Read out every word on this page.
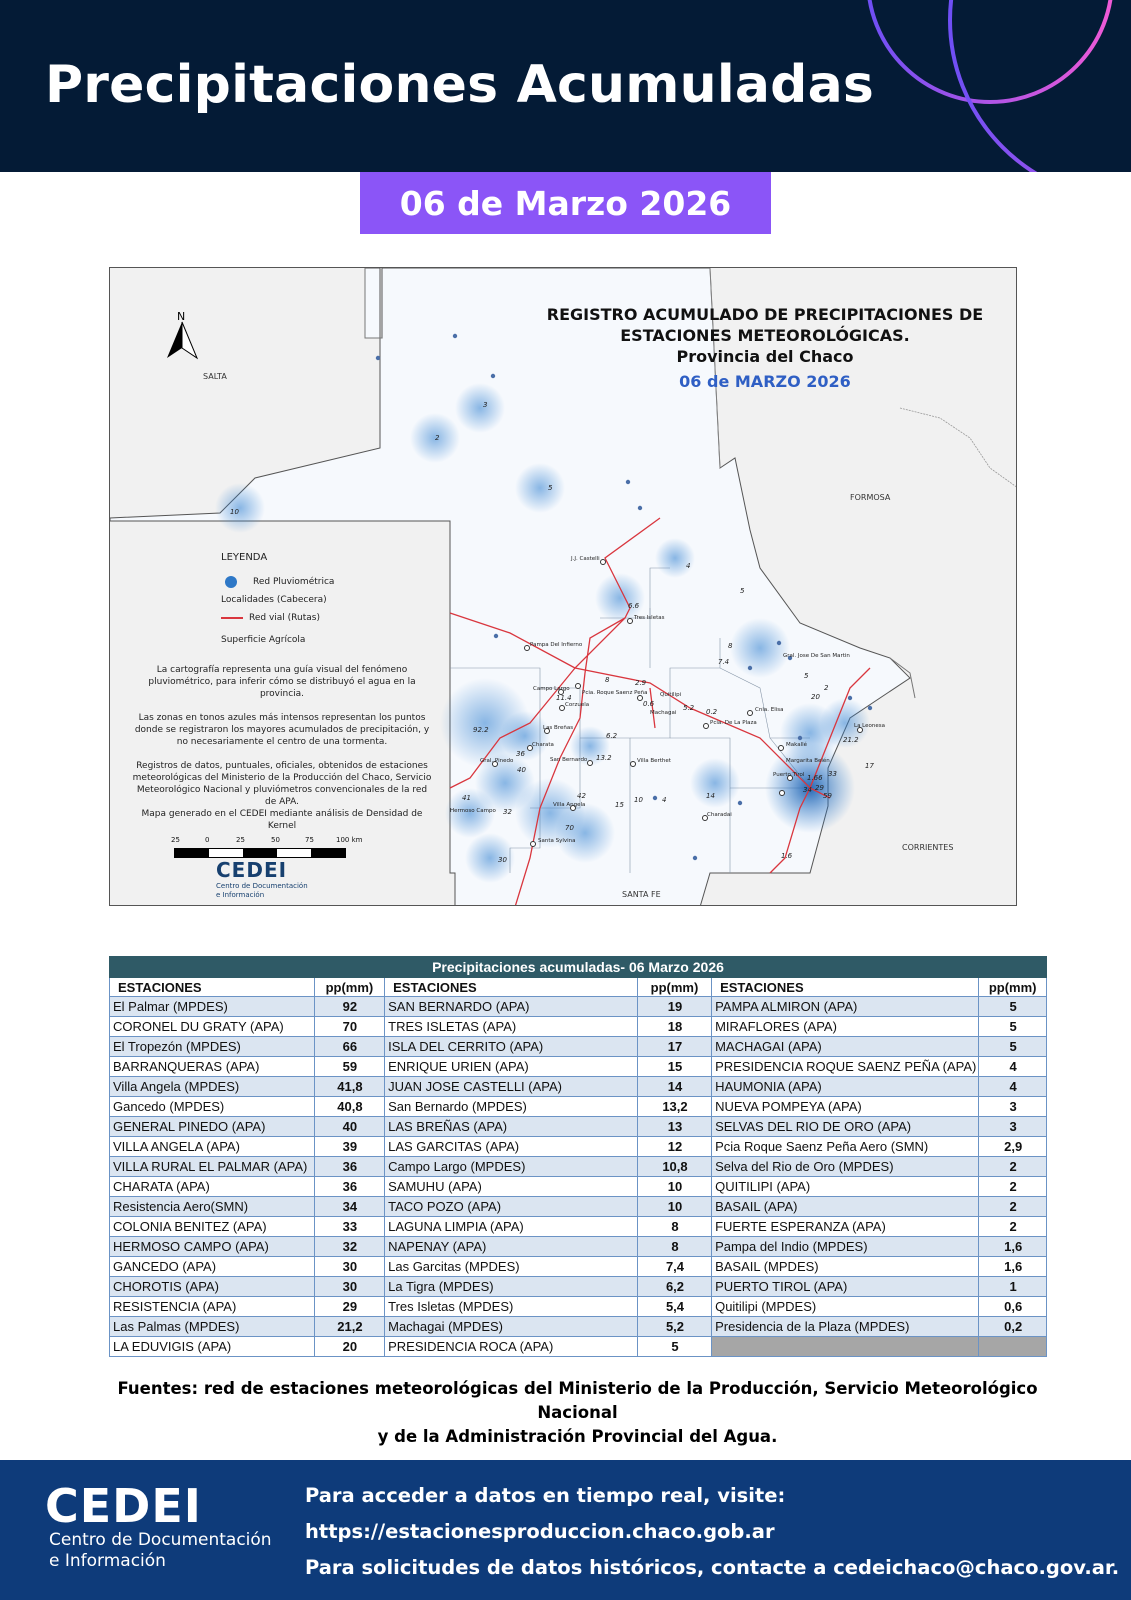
Precipitaciones Acumuladas
06 de Marzo 2026
N	REGISTRO ACUMULADO DE PRECIPITACIONES DE
ESTACIONES METEOROLÓGICAS.
Provincia del Chaco
06 de MARZO 2026
SALTA
FORMOSA
CORRIENTES
SANTA FE
LEYENDA
Red Pluviométrica
Localidades (Cabecera)
Red vial (Rutas)
Superficie Agrícola

La cartografía representa una guía visual del fenómeno pluviométrico, para inferir cómo se distribuyó el agua en la provincia.

Las zonas en tonos azules más intensos representan los puntos donde se registraron los mayores acumulados de precipitación, y no necesariamente el centro de una tormenta.

Registros de datos, puntuales, oficiales, obtenidos de estaciones meteorológicas del Ministerio de la Producción del Chaco, Servicio Meteorológico Nacional y pluviómetros convencionales de la red de APA.

Mapa generado en el CEDEI mediante análisis de Densidad de Kernel

25	0	25	50	75	100 km
CEDEI
Centro de Documentación
e Información
J.J. Castelli
Tres Isletas
Pampa Del Infierno
Campo Largo
Corzuela
Pcia. Roque Saenz Peña Quitilipi
Machagai
Pcia. De La Plaza
Las Breñas
Charata
San Bernardo	Villa Berthet
Gral. Pinedo
Villa Angela
Hermoso Campo
Santa Sylvina
Charadai
Makallé
Margarita Belén
Puerto Tirol
La Leonesa
Cnia. Elisa
Gral. Jose De San Martin
3
2
5
10
4
5
6.6
8
7.4
5
20
2
11.4
8	2.9
0.6	5.2 0.2
21.2
92.2
6.2
36	13.2
40
41
32
42
70
15
10	4	14
30	1.6
17
33
1.66
34 29
59
Precipitaciones acumuladas- 06 Marzo 2026					
ESTACIONES	pp(mm)	ESTACIONES	pp(mm)	ESTACIONES	pp(mm)
El Palmar (MPDES)	92	SAN BERNARDO (APA)	19	PAMPA ALMIRON (APA)	5
CORONEL DU GRATY (APA)	70	TRES ISLETAS (APA)	18	MIRAFLORES (APA)	5
El Tropezón (MPDES)	66	ISLA DEL CERRITO (APA)	17	MACHAGAI (APA)	5
BARRANQUERAS (APA)	59	ENRIQUE URIEN (APA)	15	PRESIDENCIA ROQUE SAENZ PEÑA (APA)	4
Villa Angela (MPDES)	41,8	JUAN JOSE CASTELLI (APA)	14	HAUMONIA (APA)	4
Gancedo (MPDES)	40,8	San Bernardo (MPDES)	13,2	NUEVA POMPEYA (APA)	3
GENERAL PINEDO (APA)	40	LAS BREÑAS (APA)	13	SELVAS DEL RIO DE ORO (APA)	3
VILLA ANGELA (APA)	39	LAS GARCITAS (APA)	12	Pcia Roque Saenz Peña Aero (SMN)	2,9
VILLA RURAL EL PALMAR (APA)	36	Campo Largo (MPDES)	10,8	Selva del Rio de Oro (MPDES)	2
CHARATA (APA)	36	SAMUHU (APA)	10	QUITILIPI (APA)	2
Resistencia Aero(SMN)	34	TACO POZO (APA)	10	BASAIL (APA)	2
COLONIA BENITEZ (APA)	33	LAGUNA LIMPIA (APA)	8	FUERTE ESPERANZA (APA)	2
HERMOSO CAMPO (APA)	32	NAPENAY (APA)	8	Pampa del Indio (MPDES)	1,6
GANCEDO (APA)	30	Las Garcitas (MPDES)	7,4	BASAIL (MPDES)	1,6
CHOROTIS (APA)	30	La Tigra (MPDES)	6,2	PUERTO TIROL (APA)	1
RESISTENCIA (APA)	29	Tres Isletas (MPDES)	5,4	Quitilipi (MPDES)	0,6
Las Palmas (MPDES)	21,2	Machagai (MPDES)	5,2	Presidencia de la Plaza (MPDES)	0,2
LA EDUVIGIS (APA)	20	PRESIDENCIA ROCA (APA)	5		
Fuentes: red de estaciones meteorológicas del Ministerio de la Producción, Servicio Meteorológico Nacional
y de la Administración Provincial del Agua.
CEDEI
Centro de Documentación
e Información
Para acceder a datos en tiempo real, visite:
https://estacionesproduccion.chaco.gob.ar
Para solicitudes de datos históricos, contacte a cedeichaco@chaco.gov.ar.
